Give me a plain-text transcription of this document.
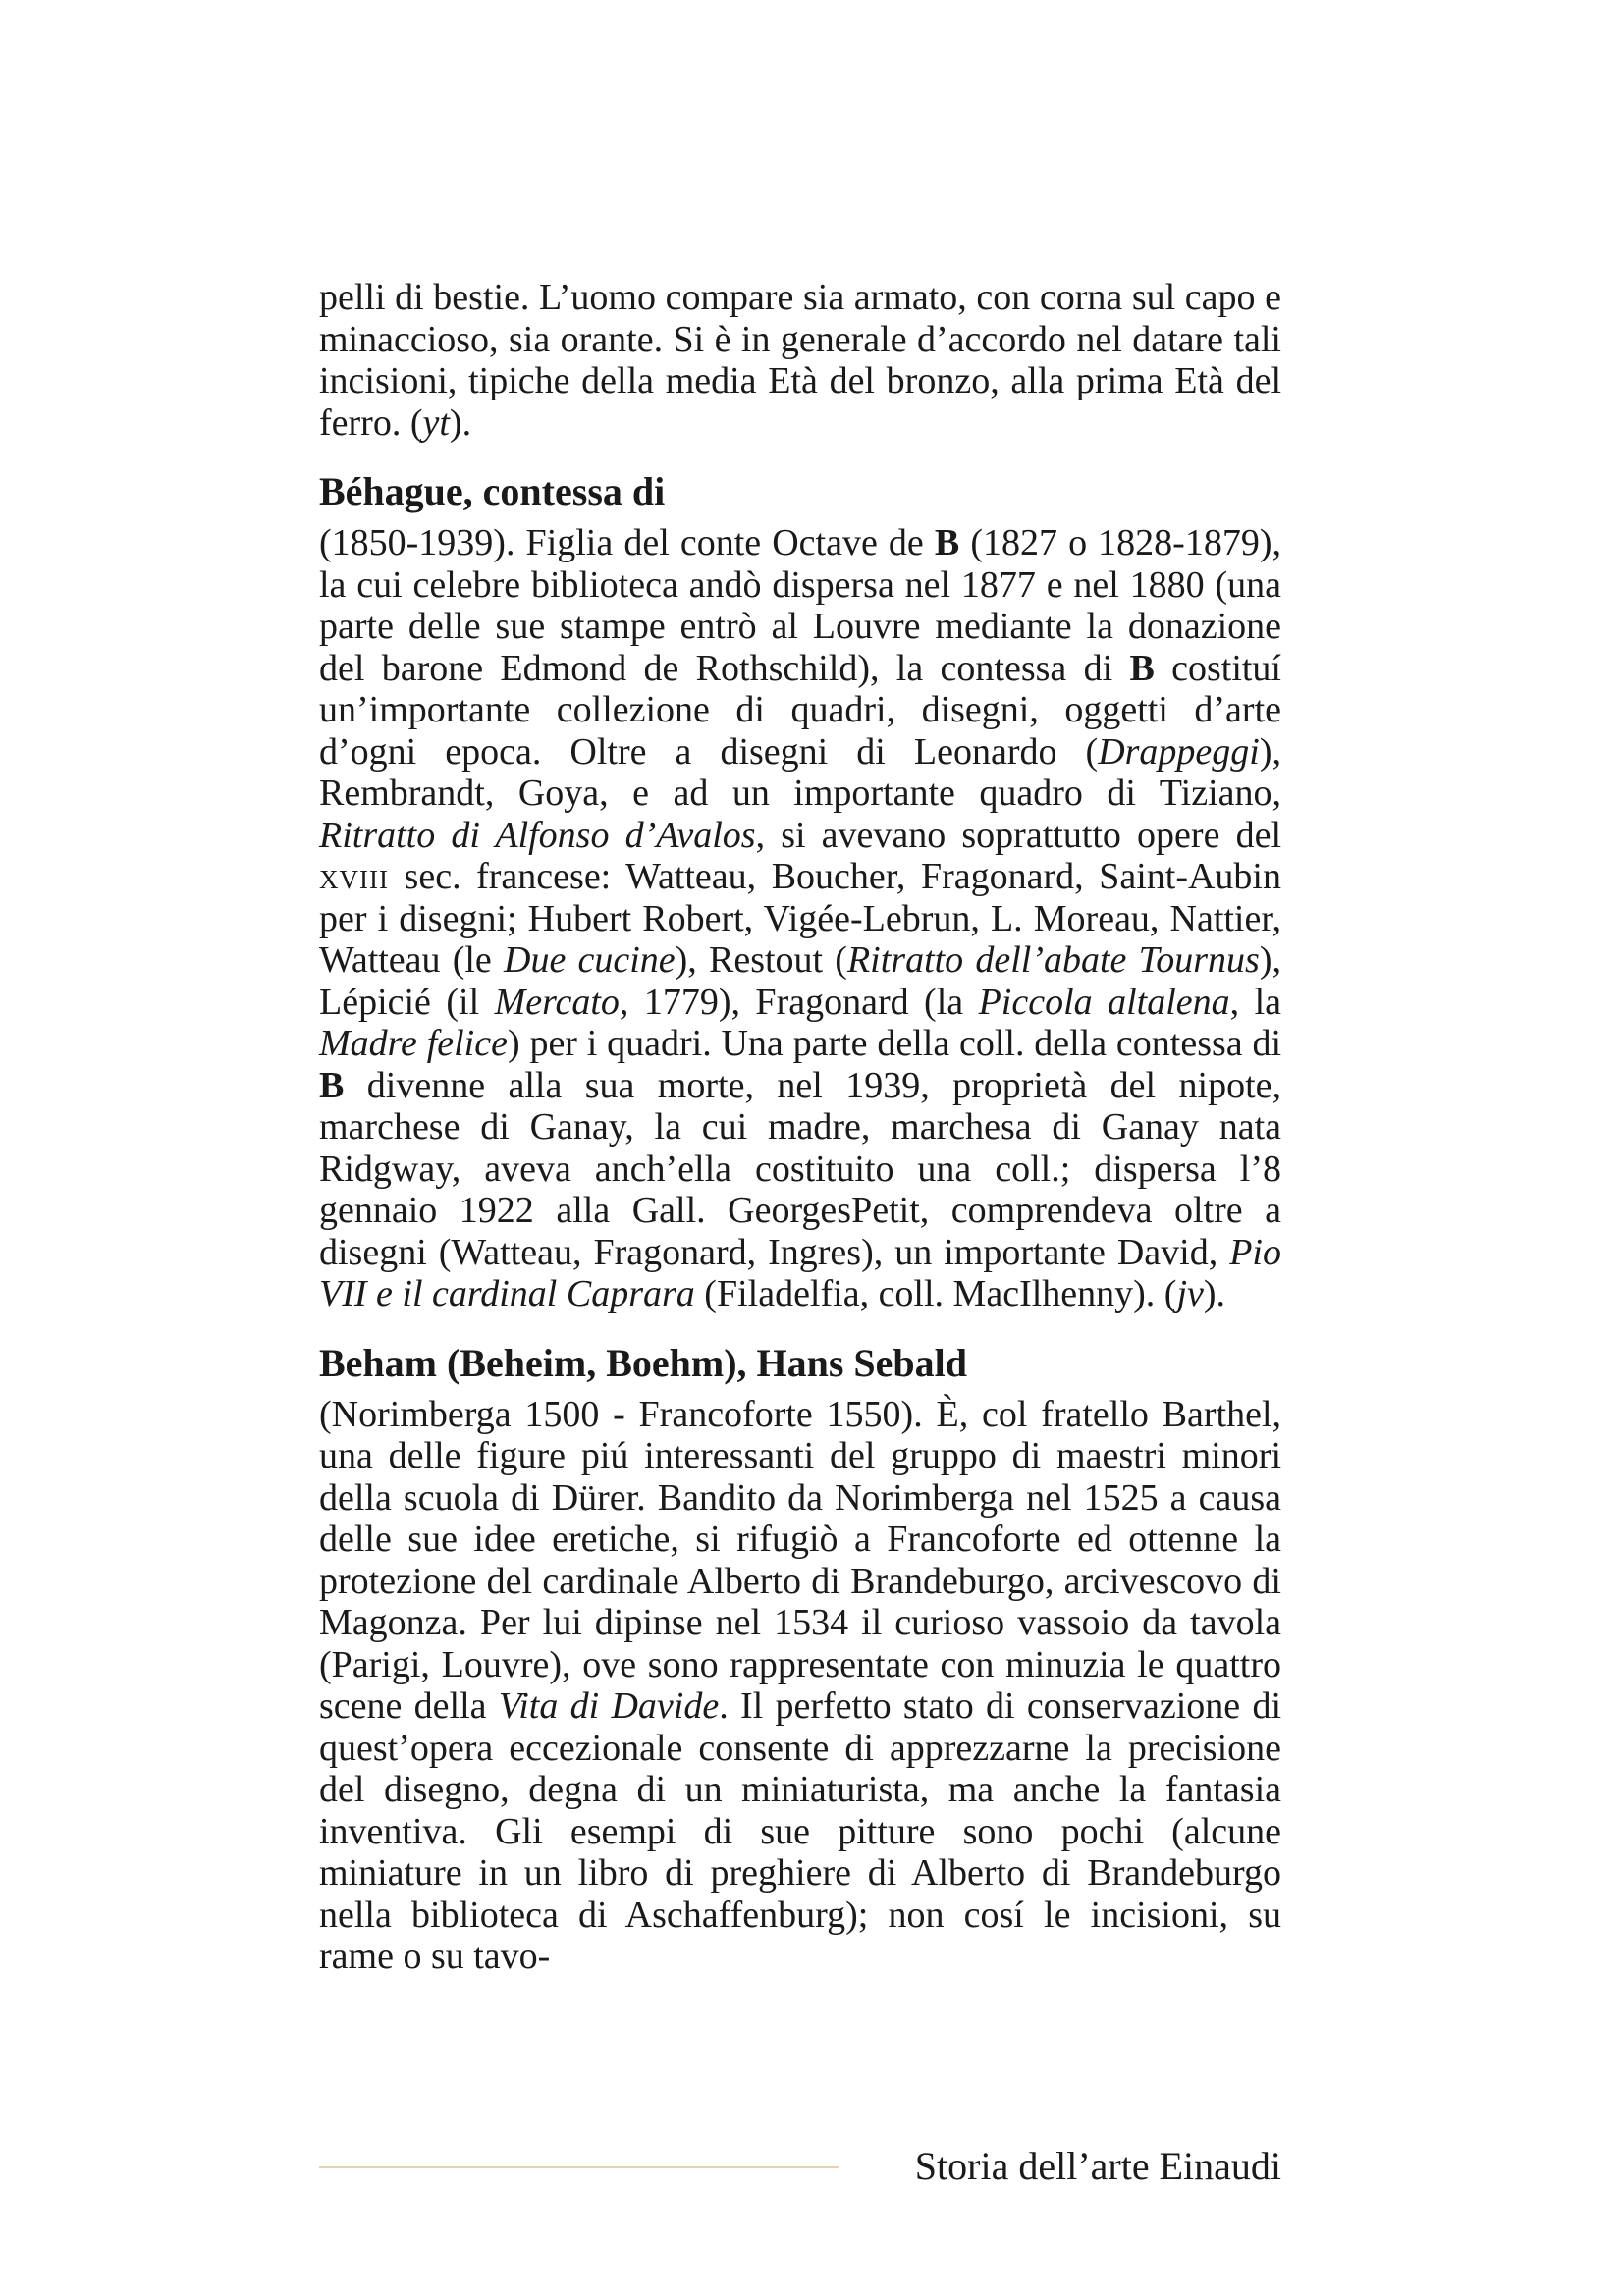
pelli di bestie. L’uomo compare sia armato, con corna sul capo e minaccioso, sia orante. Si è in generale d’accordo nel datare tali incisioni, tipiche della media Età del bronzo, alla prima Età del ferro. (yt).

Béhague, contessa di

(1850-1939). Figlia del conte Octave de B (1827 o 1828-1879), la cui celebre biblioteca andò dispersa nel 1877 e nel 1880 (una parte delle sue stampe entrò al Louvre mediante la donazione del barone Edmond de Rothschild), la contessa di B costituí un’importante collezione di quadri, disegni, oggetti d’arte d’ogni epoca. Oltre a disegni di Leonardo (Drappeggi), Rembrandt, Goya, e ad un importante quadro di Tiziano, Ritratto di Alfonso d’Avalos, si avevano soprattutto opere del xviii sec. francese: Watteau, Boucher, Fragonard, Saint-Aubin per i disegni; Hubert Robert, Vigée-Lebrun, L. Moreau, Nattier, Watteau (le Due cucine), Restout (Ritratto dell’abate Tournus), Lépicié (il Mercato, 1779), Fragonard (la Piccola altalena, la Madre felice) per i quadri. Una parte della coll. della contessa di B divenne alla sua morte, nel 1939, proprietà del nipote, marchese di Ganay, la cui madre, marchesa di Ganay nata Ridgway, aveva anch’ella costituito una coll.; dispersa l’8 gennaio 1922 alla Gall. GeorgesPetit, comprendeva oltre a disegni (Watteau, Fragonard, Ingres), un importante David, Pio VII e il cardinal Caprara (Filadelfia, coll. MacIlhenny). (jv).

Beham (Beheim, Boehm), Hans Sebald

(Norimberga 1500 - Francoforte 1550). È, col fratello Barthel, una delle figure piú interessanti del gruppo di maestri minori della scuola di Dürer. Bandito da Norimberga nel 1525 a causa delle sue idee eretiche, si rifugiò a Francoforte ed ottenne la protezione del cardinale Alberto di Brandeburgo, arcivescovo di Magonza. Per lui dipinse nel 1534 il curioso vassoio da tavola (Parigi, Louvre), ove sono rappresentate con minuzia le quattro scene della Vita di Davide. Il perfetto stato di conservazione di quest’opera eccezionale consente di apprezzarne la precisione del disegno, degna di un miniaturista, ma anche la fantasia inventiva. Gli esempi di sue pitture sono pochi (alcune miniature in un libro di preghiere di Alberto di Brandeburgo nella biblioteca di Aschaffenburg); non cosí le incisioni, su rame o su tavo-

Storia dell’arte Einaudi
